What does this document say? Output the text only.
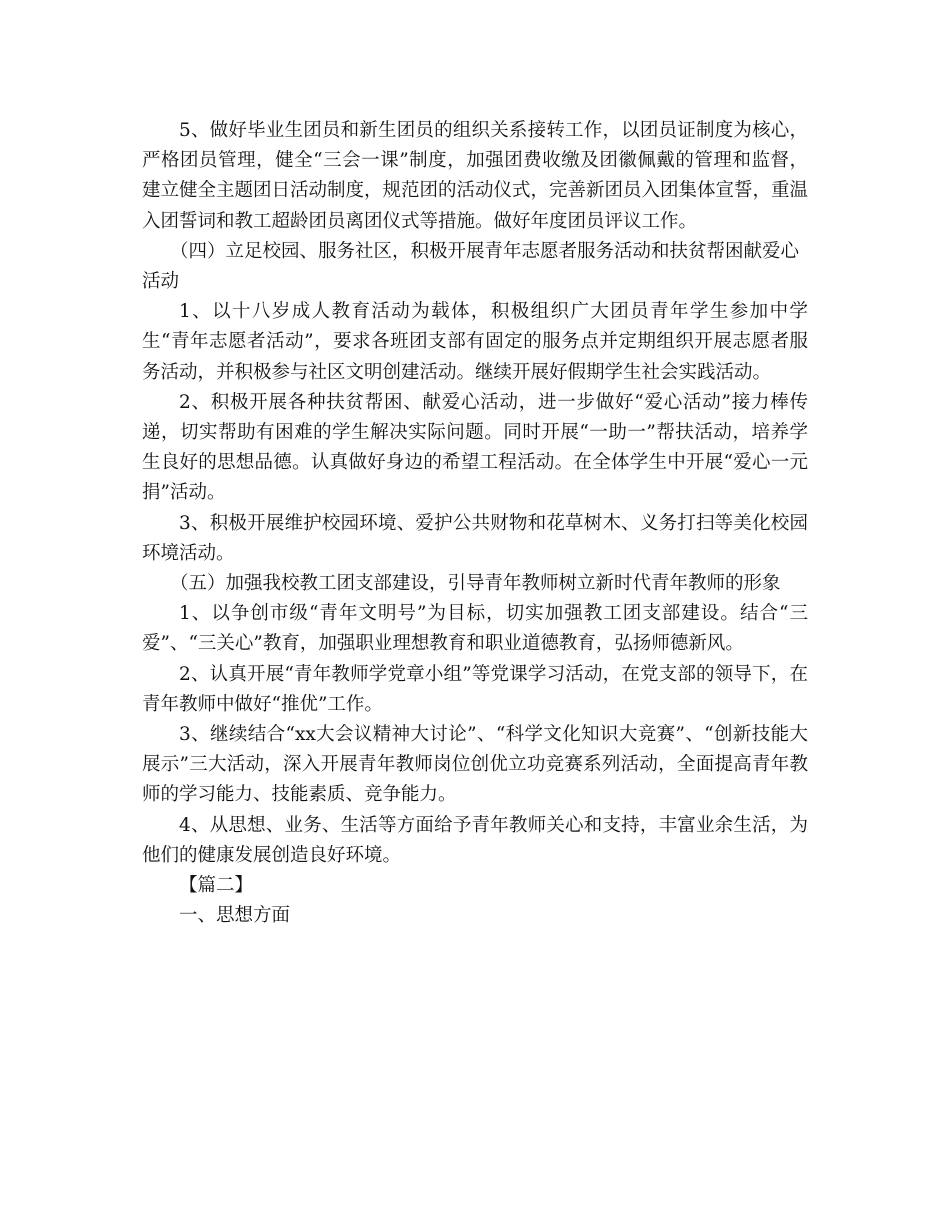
5、做好毕业生团员和新生团员的组织关系接转工作，以团员证制度为核心，严格团员管理，健全“三会一课”制度，加强团费收缴及团徽佩戴的管理和监督，建立健全主题团日活动制度，规范团的活动仪式，完善新团员入团集体宣誓，重温入团誓词和教工超龄团员离团仪式等措施。做好年度团员评议工作。

（四）立足校园、服务社区，积极开展青年志愿者服务活动和扶贫帮困献爱心活动

1、以十八岁成人教育活动为载体，积极组织广大团员青年学生参加中学生“青年志愿者活动”，要求各班团支部有固定的服务点并定期组织开展志愿者服务活动，并积极参与社区文明创建活动。继续开展好假期学生社会实践活动。

2、积极开展各种扶贫帮困、献爱心活动，进一步做好“爱心活动”接力棒传递，切实帮助有困难的学生解决实际问题。同时开展“一助一”帮扶活动，培养学生良好的思想品德。认真做好身边的希望工程活动。在全体学生中开展“爱心一元捐”活动。

3、积极开展维护校园环境、爱护公共财物和花草树木、义务打扫等美化校园环境活动。

（五）加强我校教工团支部建设，引导青年教师树立新时代青年教师的形象

1、以争创市级“青年文明号”为目标，切实加强教工团支部建设。结合“三爱”、“三关心”教育，加强职业理想教育和职业道德教育，弘扬师德新风。

2、认真开展“青年教师学党章小组”等党课学习活动，在党支部的领导下，在青年教师中做好“推优”工作。

3、继续结合“xx大会议精神大讨论”、“科学文化知识大竞赛”、“创新技能大展示”三大活动，深入开展青年教师岗位创优立功竞赛系列活动，全面提高青年教师的学习能力、技能素质、竞争能力。

4、从思想、业务、生活等方面给予青年教师关心和支持，丰富业余生活，为他们的健康发展创造良好环境。

【篇二】

一、思想方面
